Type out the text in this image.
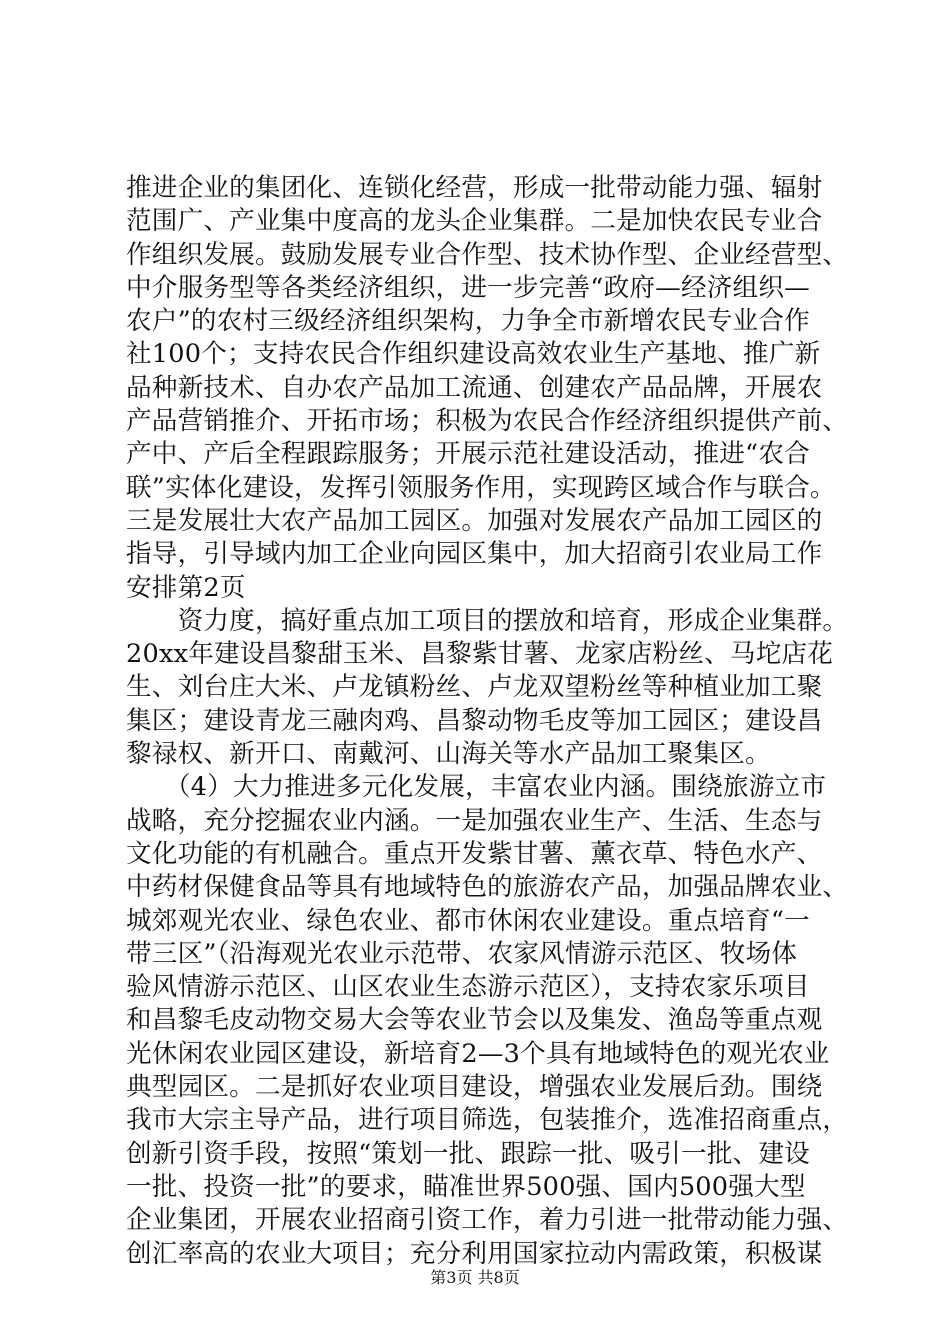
推进企业的集团化、连锁化经营，形成一批带动能力强、辐射
范围广、产业集中度高的龙头企业集群。二是加快农民专业合
作组织发展。鼓励发展专业合作型、技术协作型、企业经营型、
中介服务型等各类经济组织，进一步完善“政府—经济组织—
农户”的农村三级经济组织架构，力争全市新增农民专业合作
社100个；支持农民合作组织建设高效农业生产基地、推广新
品种新技术、自办农产品加工流通、创建农产品品牌，开展农
产品营销推介、开拓市场；积极为农民合作经济组织提供产前、
产中、产后全程跟踪服务；开展示范社建设活动，推进“农合
联”实体化建设，发挥引领服务作用，实现跨区域合作与联合。
三是发展壮大农产品加工园区。加强对发展农产品加工园区的
指导，引导域内加工企业向园区集中，加大招商引农业局工作
安排第2页
　　资力度，搞好重点加工项目的摆放和培育，形成企业集群。
20xx年建设昌黎甜玉米、昌黎紫甘薯、龙家店粉丝、马坨店花
生、刘台庄大米、卢龙镇粉丝、卢龙双望粉丝等种植业加工聚
集区；建设青龙三融肉鸡、昌黎动物毛皮等加工园区；建设昌
黎禄权、新开口、南戴河、山海关等水产品加工聚集区。
　　（4）大力推进多元化发展，丰富农业内涵。围绕旅游立市
战略，充分挖掘农业内涵。一是加强农业生产、生活、生态与
文化功能的有机融合。重点开发紫甘薯、薰衣草、特色水产、
中药材保健食品等具有地域特色的旅游农产品，加强品牌农业、
城郊观光农业、绿色农业、都市休闲农业建设。重点培育“一
带三区”（沿海观光农业示范带、农家风情游示范区、牧场体
验风情游示范区、山区农业生态游示范区），支持农家乐项目
和昌黎毛皮动物交易大会等农业节会以及集发、渔岛等重点观
光休闲农业园区建设，新培育2—3个具有地域特色的观光农业
典型园区。二是抓好农业项目建设，增强农业发展后劲。围绕
我市大宗主导产品，进行项目筛选，包装推介，选准招商重点，
创新引资手段，按照“策划一批、跟踪一批、吸引一批、建设
一批、投资一批”的要求，瞄准世界500强、国内500强大型
企业集团，开展农业招商引资工作，着力引进一批带动能力强、
创汇率高的农业大项目；充分利用国家拉动内需政策，积极谋
第3页 共8页
